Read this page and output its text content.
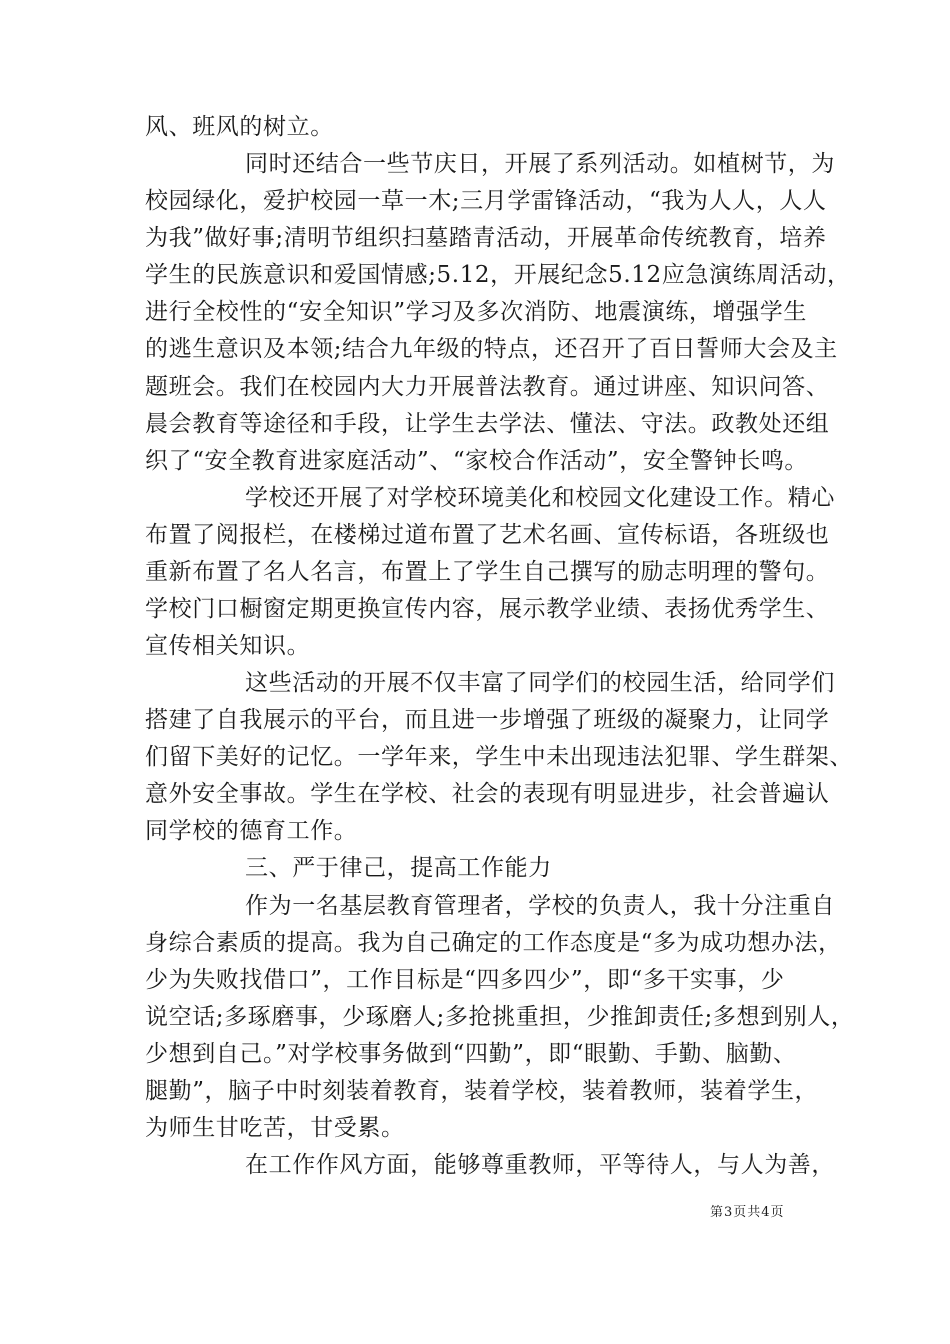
风、班风的树立。
同时还结合一些节庆日，开展了系列活动。如植树节，为
校园绿化，爱护校园一草一木;三月学雷锋活动，“我为人人，人人
为我”做好事;清明节组织扫墓踏青活动，开展革命传统教育，培养
学生的民族意识和爱国情感;5.12，开展纪念5.12应急演练周活动，
进行全校性的“安全知识”学习及多次消防、地震演练，增强学生
的逃生意识及本领;结合九年级的特点，还召开了百日誓师大会及主
题班会。我们在校园内大力开展普法教育。通过讲座、知识问答、
晨会教育等途径和手段，让学生去学法、懂法、守法。政教处还组
织了“安全教育进家庭活动”、“家校合作活动”，安全警钟长鸣。
学校还开展了对学校环境美化和校园文化建设工作。精心
布置了阅报栏，在楼梯过道布置了艺术名画、宣传标语，各班级也
重新布置了名人名言，布置上了学生自己撰写的励志明理的警句。
学校门口橱窗定期更换宣传内容，展示教学业绩、表扬优秀学生、
宣传相关知识。
这些活动的开展不仅丰富了同学们的校园生活，给同学们
搭建了自我展示的平台，而且进一步增强了班级的凝聚力，让同学
们留下美好的记忆。一学年来，学生中未出现违法犯罪、学生群架、
意外安全事故。学生在学校、社会的表现有明显进步，社会普遍认
同学校的德育工作。
三、严于律己，提高工作能力
作为一名基层教育管理者，学校的负责人，我十分注重自
身综合素质的提高。我为自己确定的工作态度是“多为成功想办法，
少为失败找借口”，工作目标是“四多四少”，即“多干实事，少
说空话;多琢磨事，少琢磨人;多抢挑重担，少推卸责任;多想到别人，
少想到自己。”对学校事务做到“四勤”，即“眼勤、手勤、脑勤、
腿勤”，脑子中时刻装着教育，装着学校，装着教师，装着学生，
为师生甘吃苦，甘受累。
在工作作风方面，能够尊重教师，平等待人，与人为善，
第3页共4页
